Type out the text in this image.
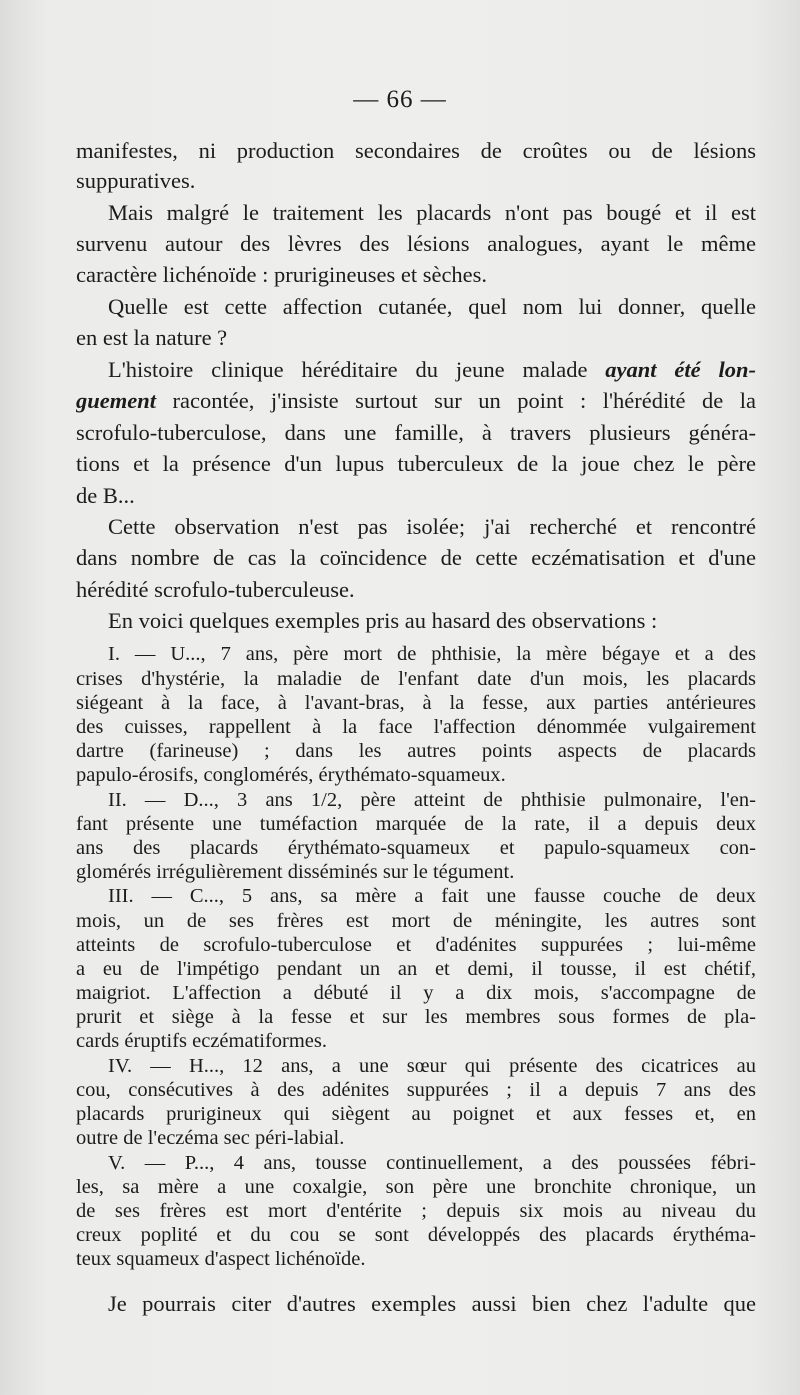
— 66 —
manifestes, ni production secondaires de croûtes ou de lésions
suppuratives.
Mais malgré le traitement les placards n'ont pas bougé et il est
survenu autour des lèvres des lésions analogues, ayant le même
caractère lichénoïde : prurigineuses et sèches.
Quelle est cette affection cutanée, quel nom lui donner, quelle
en est la nature ?
L'histoire clinique héréditaire du jeune malade ayant été lon-
guement racontée, j'insiste surtout sur un point : l'hérédité de la
scrofulo-tuberculose, dans une famille, à travers plusieurs généra-
tions et la présence d'un lupus tuberculeux de la joue chez le père
de B...
Cette observation n'est pas isolée; j'ai recherché et rencontré
dans nombre de cas la coïncidence de cette eczématisation et d'une
hérédité scrofulo-tuberculeuse.
En voici quelques exemples pris au hasard des observations :
I. — U..., 7 ans, père mort de phthisie, la mère bégaye et a des
crises d'hystérie, la maladie de l'enfant date d'un mois, les placards
siégeant à la face, à l'avant-bras, à la fesse, aux parties antérieures
des cuisses, rappellent à la face l'affection dénommée vulgairement
dartre (farineuse) ; dans les autres points aspects de placards
papulo-érosifs, conglomérés, érythémato-squameux.
II. — D..., 3 ans 1/2, père atteint de phthisie pulmonaire, l'en-
fant présente une tuméfaction marquée de la rate, il a depuis deux
ans des placards érythémato-squameux et papulo-squameux con-
glomérés irrégulièrement disséminés sur le tégument.
III. — C..., 5 ans, sa mère a fait une fausse couche de deux
mois, un de ses frères est mort de méningite, les autres sont
atteints de scrofulo-tuberculose et d'adénites suppurées ; lui-même
a eu de l'impétigo pendant un an et demi, il tousse, il est chétif,
maigriot. L'affection a débuté il y a dix mois, s'accompagne de
prurit et siège à la fesse et sur les membres sous formes de pla-
cards éruptifs eczématiformes.
IV. — H..., 12 ans, a une sœur qui présente des cicatrices au
cou, consécutives à des adénites suppurées ; il a depuis 7 ans des
placards prurigineux qui siègent au poignet et aux fesses et, en
outre de l'eczéma sec péri-labial.
V. — P..., 4 ans, tousse continuellement, a des poussées fébri-
les, sa mère a une coxalgie, son père une bronchite chronique, un
de ses frères est mort d'entérite ; depuis six mois au niveau du
creux poplité et du cou se sont développés des placards érythéma-
teux squameux d'aspect lichénoïde.
Je pourrais citer d'autres exemples aussi bien chez l'adulte que
